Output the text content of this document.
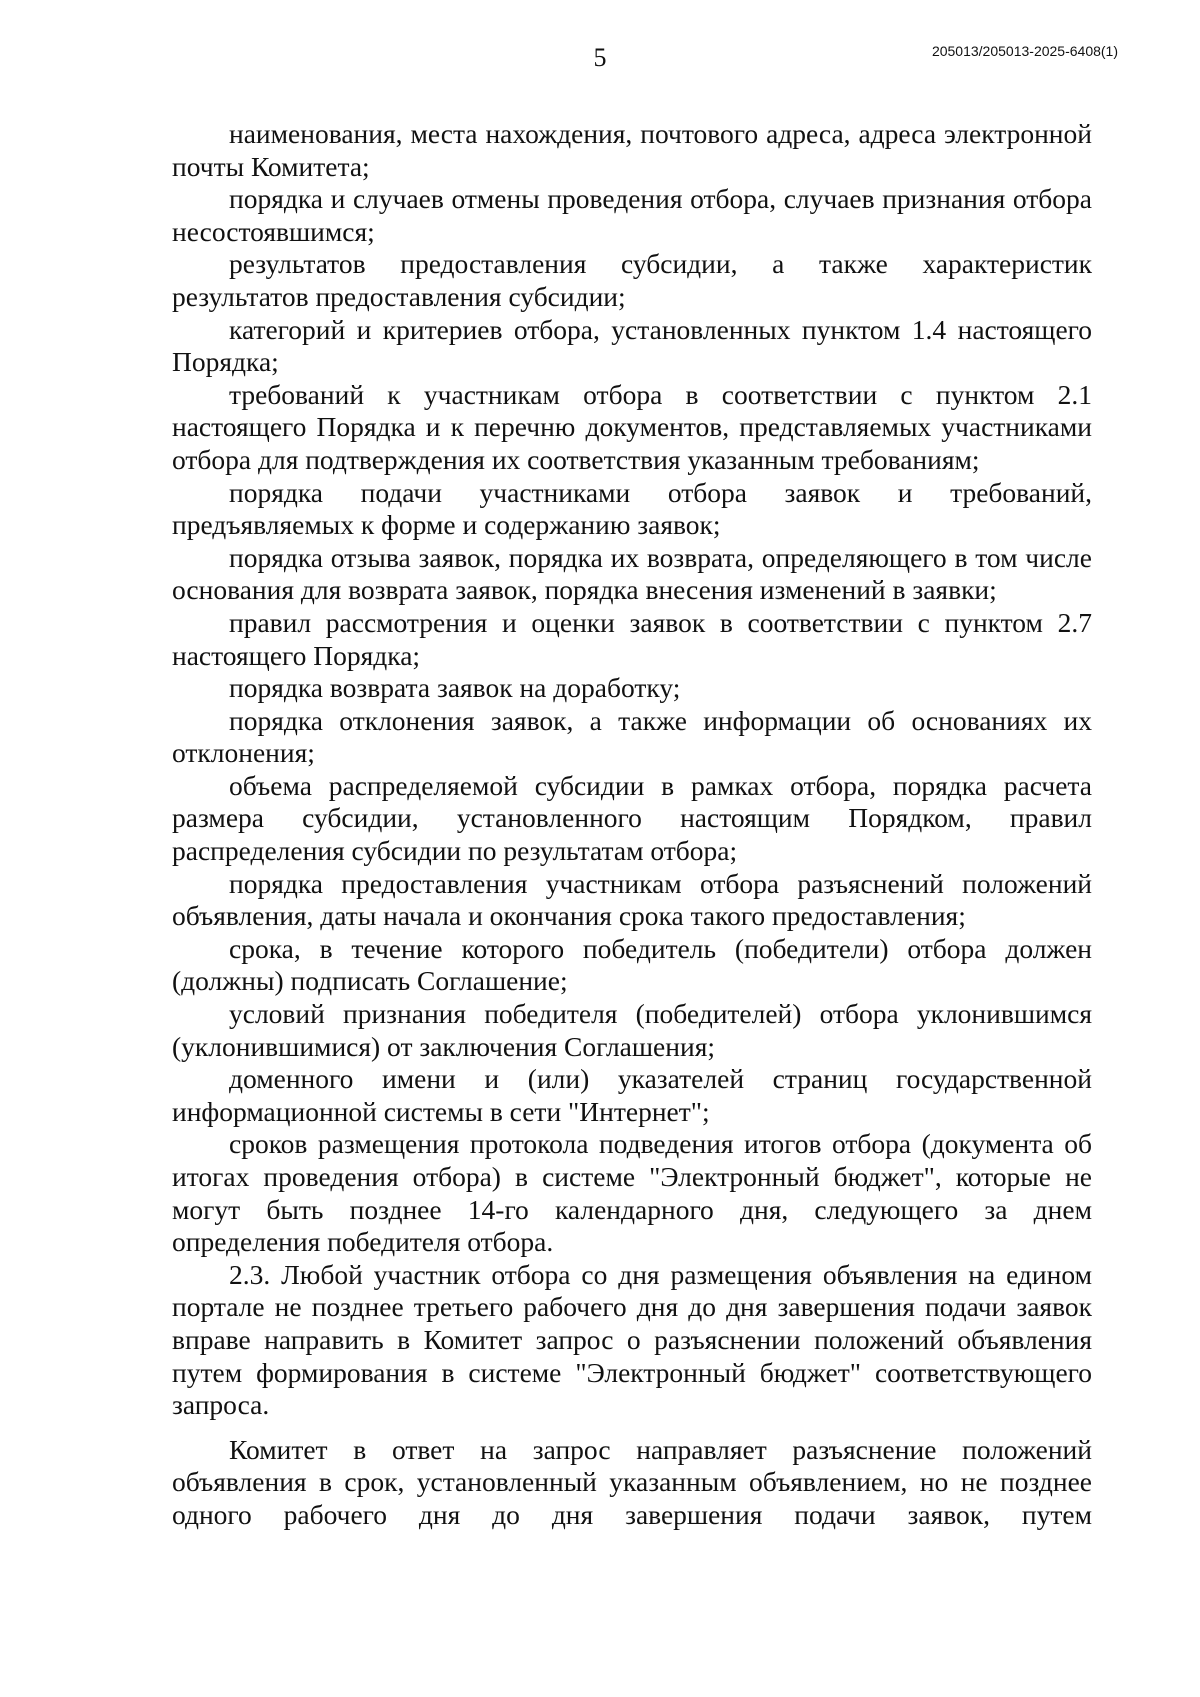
5	205013/205013-2025-6408(1)

наименования, места нахождения, почтового адреса, адреса электронной почты Комитета;

порядка и случаев отмены проведения отбора, случаев признания отбора несостоявшимся;

результатов предоставления субсидии, а также характеристик результатов предоставления субсидии;

категорий и критериев отбора, установленных пунктом 1.4 настоящего Порядка;

требований к участникам отбора в соответствии с пунктом 2.1 настоящего Порядка и к перечню документов, представляемых участниками отбора для подтверждения их соответствия указанным требованиям;

порядка подачи участниками отбора заявок и требований, предъявляемых к форме и содержанию заявок;

порядка отзыва заявок, порядка их возврата, определяющего в том числе основания для возврата заявок, порядка внесения изменений в заявки;

правил рассмотрения и оценки заявок в соответствии с пунктом 2.7 настоящего Порядка;

порядка возврата заявок на доработку;

порядка отклонения заявок, а также информации об основаниях их отклонения;

объема распределяемой субсидии в рамках отбора, порядка расчета размера субсидии, установленного настоящим Порядком, правил распределения субсидии по результатам отбора;

порядка предоставления участникам отбора разъяснений положений объявления, даты начала и окончания срока такого предоставления;

срока, в течение которого победитель (победители) отбора должен (должны) подписать Соглашение;

условий признания победителя (победителей) отбора уклонившимся (уклонившимися) от заключения Соглашения;

доменного имени и (или) указателей страниц государственной информационной системы в сети "Интернет";

сроков размещения протокола подведения итогов отбора (документа об итогах проведения отбора) в системе "Электронный бюджет", которые не могут быть позднее 14-го календарного дня, следующего за днем определения победителя отбора.

2.3. Любой участник отбора со дня размещения объявления на едином портале не позднее третьего рабочего дня до дня завершения подачи заявок вправе направить в Комитет запрос о разъяснении положений объявления путем формирования в системе "Электронный бюджет" соответствующего запроса.

Комитет в ответ на запрос направляет разъяснение положений объявления в срок, установленный указанным объявлением, но не позднее одного рабочего дня до дня завершения подачи заявок, путем
